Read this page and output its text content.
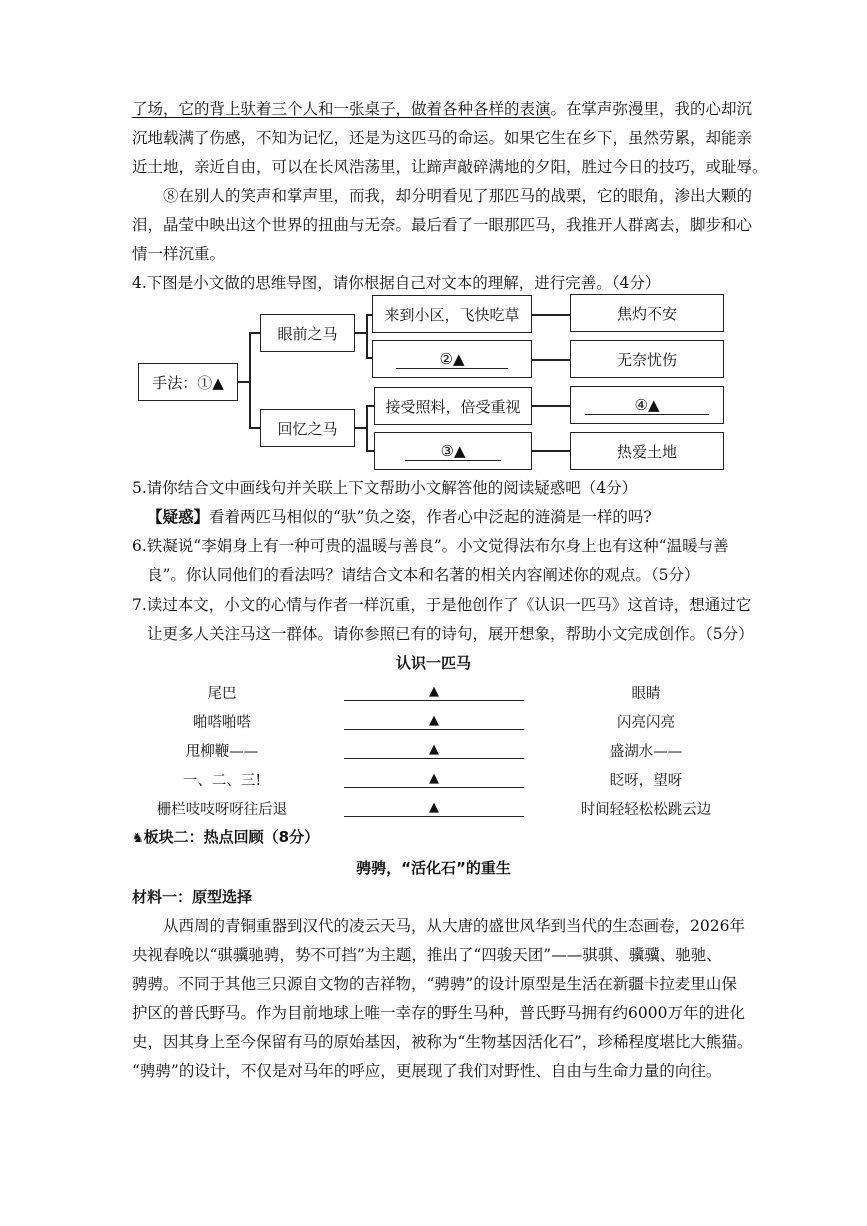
了场，它的背上驮着三个人和一张桌子，做着各种各样的表演。在掌声弥漫里，我的心却沉
沉地载满了伤感，不知为记忆，还是为这匹马的命运。如果它生在乡下，虽然劳累，却能亲
近土地，亲近自由，可以在长风浩荡里，让蹄声敲碎满地的夕阳，胜过今日的技巧，或耻辱。
⑧在别人的笑声和掌声里，而我，却分明看见了那匹马的战栗，它的眼角，渗出大颗的
泪，晶莹中映出这个世界的扭曲与无奈。最后看了一眼那匹马，我推开人群离去，脚步和心
情一样沉重。
4.下图是小文做的思维导图，请你根据自己对文本的理解，进行完善。（4分）
手法：①▲
眼前之马
回忆之马
来到小区，飞快吃草
②▲
焦灼不安
无奈忧伤
接受照料，倍受重视
③▲
④▲
热爱土地
5.请你结合文中画线句并关联上下文帮助小文解答他的阅读疑惑吧（4分）
【疑惑】看着两匹马相似的“驮”负之姿，作者心中泛起的涟漪是一样的吗?
6.铁凝说“李娟身上有一种可贵的温暖与善良”。小文觉得法布尔身上也有这种“温暖与善
良”。你认同他们的看法吗？请结合文本和名著的相关内容阐述你的观点。（5分）
7.读过本文，小文的心情与作者一样沉重，于是他创作了《认识一匹马》这首诗，想通过它
让更多人关注马这一群体。请你参照已有的诗句，展开想象，帮助小文完成创作。（5分）
认识一匹马
尾巴	▲	眼睛
啪嗒啪嗒	▲	闪亮闪亮
甩柳鞭——	▲	盛湖水——
一、二、三!	▲	眨呀，望呀
栅栏吱吱呀呀往后退	▲	时间轻轻松松跳云边
♞板块二：热点回顾（8分）
骋骋，“活化石”的重生
材料一：原型选择
从西周的青铜重器到汉代的凌云天马，从大唐的盛世风华到当代的生态画卷，2026年
央视春晚以“骐骥驰骋，势不可挡”为主题，推出了“四骏天团”——骐骐、骥骥、驰驰、
骋骋。不同于其他三只源自文物的吉祥物，“骋骋”的设计原型是生活在新疆卡拉麦里山保
护区的普氏野马。作为目前地球上唯一幸存的野生马种，普氏野马拥有约6000万年的进化
史，因其身上至今保留有马的原始基因，被称为“生物基因活化石”，珍稀程度堪比大熊猫。
“骋骋”的设计，不仅是对马年的呼应，更展现了我们对野性、自由与生命力量的向往。
